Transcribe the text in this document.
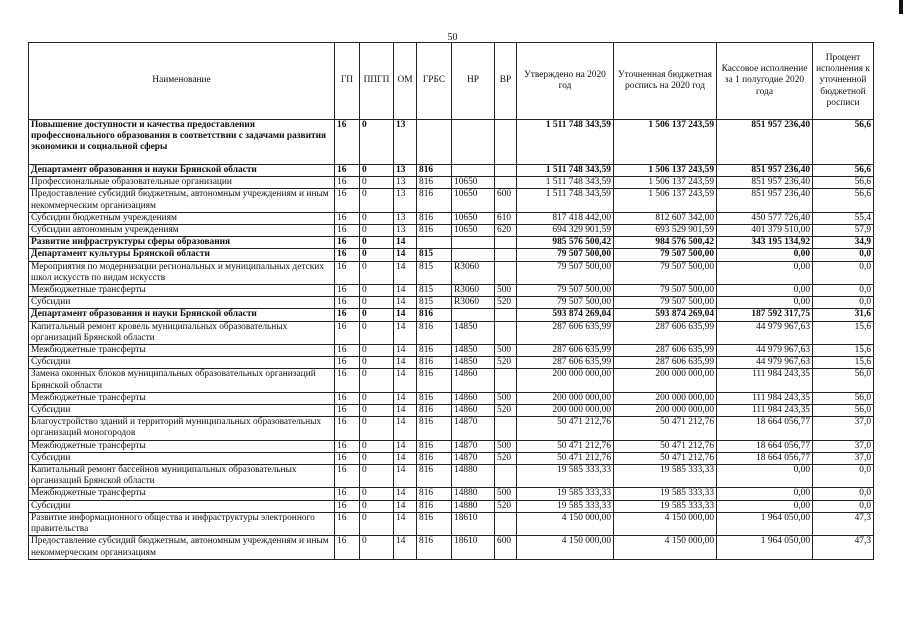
50
Наименование	ГП	ППГП	ОМ	ГРБС	НР	ВР	Утверждено на 2020 год	Уточненная бюджетная роспись на 2020 год	Кассовое исполнение за 1 полугодие 2020 года	Процент исполнения к уточненной бюджетной росписи
Повышение доступности и качества предоставления профессионального образования в соответствии с задачами развития экономики и социальной сферы	16	0	13				1 511 748 343,59	1 506 137 243,59	851 957 236,40	56,6
Департамент образования и науки Брянской области	16	0	13	816			1 511 748 343,59	1 506 137 243,59	851 957 236,40	56,6
Профессиональные образовательные организации	16	0	13	816	10650		1 511 748 343,59	1 506 137 243,59	851 957 236,40	56,6
Предоставление субсидий бюджетным, автономным учреждениям и иным некоммерческим организациям	16	0	13	816	10650	600	1 511 748 343,59	1 506 137 243,59	851 957 236,40	56,6
Субсидии бюджетным учреждениям	16	0	13	816	10650	610	817 418 442,00	812 607 342,00	450 577 726,40	55,4
Субсидии автономным учреждениям	16	0	13	816	10650	620	694 329 901,59	693 529 901,59	401 379 510,00	57,9
Развитие инфраструктуры сферы образования	16	0	14				985 576 500,42	984 576 500,42	343 195 134,92	34,9
Департамент культуры Брянской области	16	0	14	815			79 507 500,00	79 507 500,00	0,00	0,0
Мероприятия по модернизации региональных и муниципальных детских школ искусств по видам искусств	16	0	14	815	R3060		79 507 500,00	79 507 500,00	0,00	0,0
Межбюджетные трансферты	16	0	14	815	R3060	500	79 507 500,00	79 507 500,00	0,00	0,0
Субсидии	16	0	14	815	R3060	520	79 507 500,00	79 507 500,00	0,00	0,0
Департамент образования и науки Брянской области	16	0	14	816			593 874 269,04	593 874 269,04	187 592 317,75	31,6
Капитальный ремонт кровель муниципальных образовательных организаций Брянской области	16	0	14	816	14850		287 606 635,99	287 606 635,99	44 979 967,63	15,6
Межбюджетные трансферты	16	0	14	816	14850	500	287 606 635,99	287 606 635,99	44 979 967,63	15,6
Субсидии	16	0	14	816	14850	520	287 606 635,99	287 606 635,99	44 979 967,63	15,6
Замена оконных блоков муниципальных образовательных организаций Брянской области	16	0	14	816	14860		200 000 000,00	200 000 000,00	111 984 243,35	56,0
Межбюджетные трансферты	16	0	14	816	14860	500	200 000 000,00	200 000 000,00	111 984 243,35	56,0
Субсидии	16	0	14	816	14860	520	200 000 000,00	200 000 000,00	111 984 243,35	56,0
Благоустройство зданий и территорий муниципальных образовательных организаций моногородов	16	0	14	816	14870		50 471 212,76	50 471 212,76	18 664 056,77	37,0
Межбюджетные трансферты	16	0	14	816	14870	500	50 471 212,76	50 471 212,76	18 664 056,77	37,0
Субсидии	16	0	14	816	14870	520	50 471 212,76	50 471 212,76	18 664 056,77	37,0
Капитальный ремонт бассейнов муниципальных образовательных организаций Брянской области	16	0	14	816	14880		19 585 333,33	19 585 333,33	0,00	0,0
Межбюджетные трансферты	16	0	14	816	14880	500	19 585 333,33	19 585 333,33	0,00	0,0
Субсидии	16	0	14	816	14880	520	19 585 333,33	19 585 333,33	0,00	0,0
Развитие информационного общества и инфраструктуры электронного правительства	16	0	14	816	18610		4 150 000,00	4 150 000,00	1 964 050,00	47,3
Предоставление субсидий бюджетным, автономным учреждениям и иным некоммерческим организациям	16	0	14	816	18610	600	4 150 000,00	4 150 000,00	1 964 050,00	47,3
